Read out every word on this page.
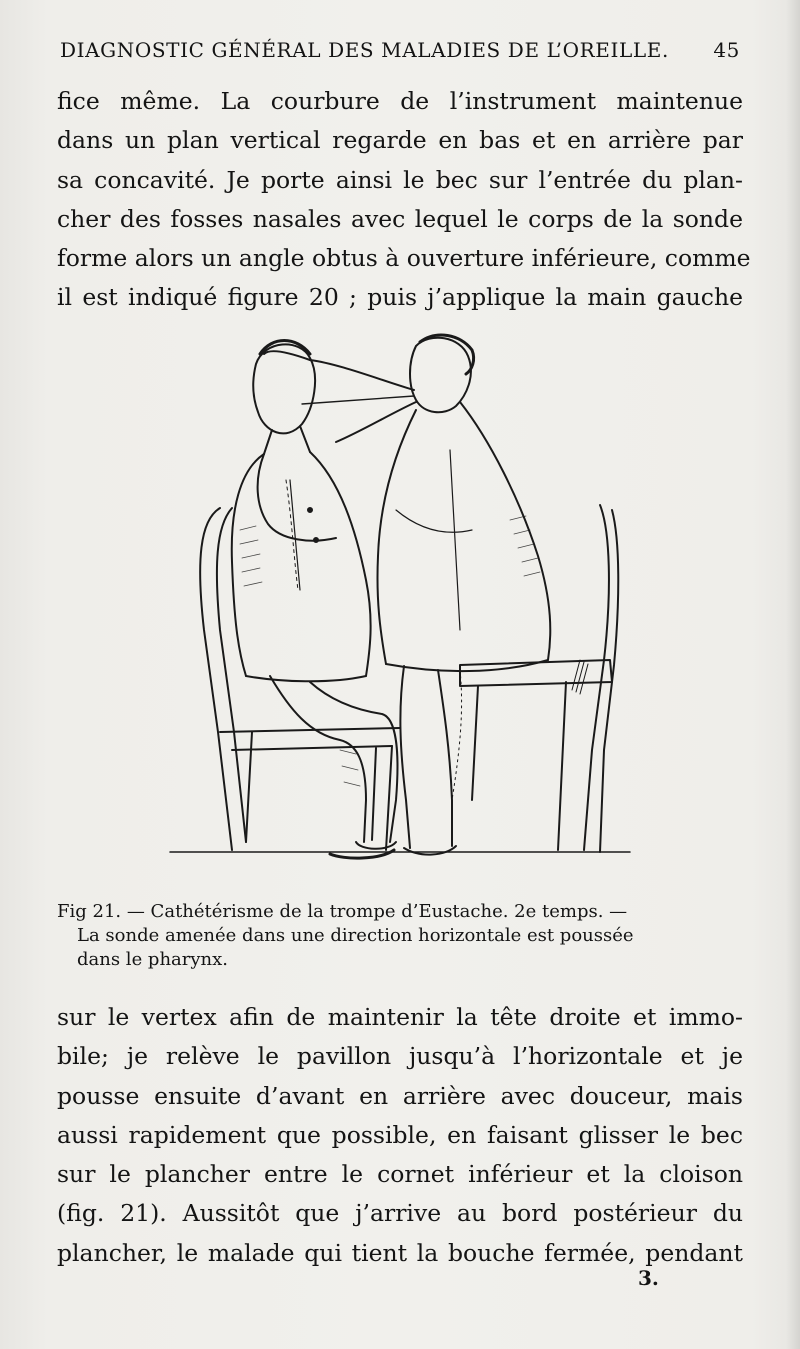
DIAGNOSTIC GÉNÉRAL DES MALADIES DE L’OREILLE. 45
fice même. La courbure de l’instrument maintenue
dans un plan vertical regarde en bas et en arrière par
sa concavité. Je porte ainsi le bec sur l’entrée du plan-
cher des fosses nasales avec lequel le corps de la sonde
forme alors un angle obtus à ouverture inférieure, comme
il est indiqué figure 20 ; puis j’applique la main gauche
Fig 21. — Cathétérisme de la trompe d’Eustache. 2e temps. —
La sonde amenée dans une direction horizontale est poussée
dans le pharynx.
sur le vertex afin de maintenir la tête droite et immo-
bile; je relève le pavillon jusqu’à l’horizontale et je
pousse ensuite d’avant en arrière avec douceur, mais
aussi rapidement que possible, en faisant glisser le bec
sur le plancher entre le cornet inférieur et la cloison
(fig. 21). Aussitôt que j’arrive au bord postérieur du
plancher, le malade qui tient la bouche fermée, pendant
3.
